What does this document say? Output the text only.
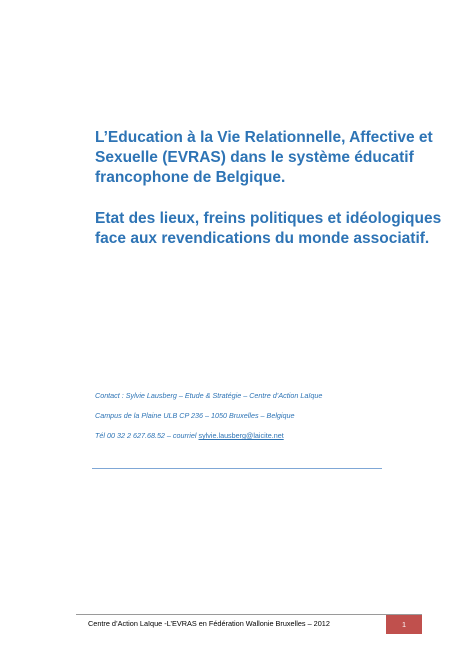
L’Education à la Vie Relationnelle, Affective et
Sexuelle (EVRAS) dans le système éducatif
francophone de Belgique.
Etat des lieux, freins politiques et idéologiques
face aux revendications du monde associatif.
Contact : Sylvie Lausberg – Etude & Stratégie – Centre d’Action Laïque
Campus de la Plaine ULB CP 236 – 1050 Bruxelles – Belgique
Tél 00 32 2 627.68.52 – courriel sylvie.lausberg@laicite.net
Centre d’Action Laïque -L’EVRAS en Fédération Wallonie Bruxelles – 2012	1
